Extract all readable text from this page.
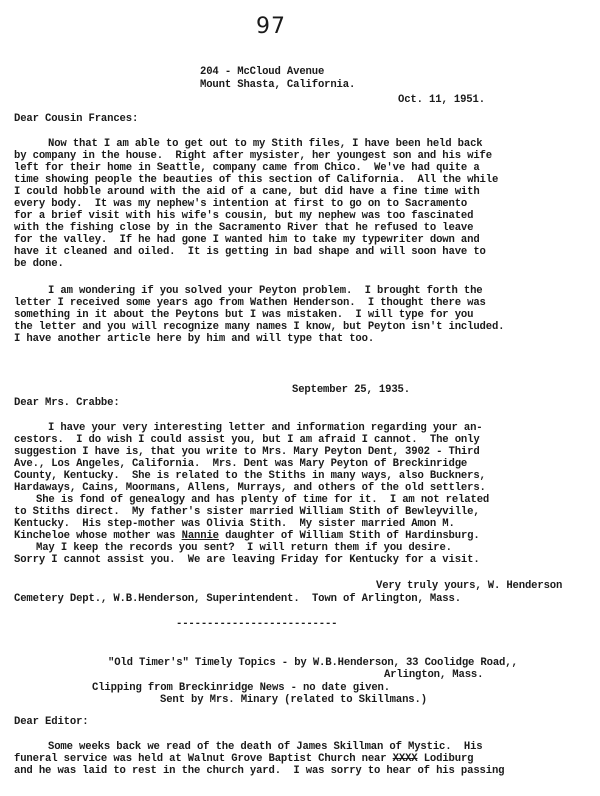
97

204 - McCloud Avenue

Mount Shasta, California.

Oct. 11, 1951.

Dear Cousin Frances:

Now that I am able to get out to my Stith files, I have been held back

by company in the house.  Right after mysister, her youngest son and his wife

left for their home in Seattle, company came from Chico.  We've had quite a

time showing people the beauties of this section of California.  All the while

I could hobble around with the aid of a cane, but did have a fine time with

every body.  It was my nephew's intention at first to go on to Sacramento

for a brief visit with his wife's cousin, but my nephew was too fascinated

with the fishing close by in the Sacramento River that he refused to leave

for the valley.  If he had gone I wanted him to take my typewriter down and

have it cleaned and oiled.  It is getting in bad shape and will soon have to

be done.

I am wondering if you solved your Peyton problem.  I brought forth the

letter I received some years ago from Wathen Henderson.  I thought there was

something in it about the Peytons but I was mistaken.  I will type for you

the letter and you will recognize many names I know, but Peyton isn't included.

I have another article here by him and will type that too.

September 25, 1935.

Dear Mrs. Crabbe:

I have your very interesting letter and information regarding your an-

cestors.  I do wish I could assist you, but I am afraid I cannot.  The only

suggestion I have is, that you write to Mrs. Mary Peyton Dent, 3902 - Third

Ave., Los Angeles, California.  Mrs. Dent was Mary Peyton of Breckinridge

County, Kentucky.  She is related to the Stiths in many ways, also Buckners,

Hardaways, Cains, Moormans, Allens, Murrays, and others of the old settlers.

She is fond of genealogy and has plenty of time for it.  I am not related

to Stiths direct.  My father's sister married William Stith of Bewleyville,

Kentucky.  His step-mother was Olivia Stith.  My sister married Amon M.

Kincheloe whose mother was Nannie daughter of William Stith of Hardinsburg.

May I keep the records you sent?  I will return them if you desire.

Sorry I cannot assist you.  We are leaving Friday for Kentucky for a visit.

Very truly yours, W. Henderson

Cemetery Dept., W.B.Henderson, Superintendent.  Town of Arlington, Mass.

--------------------------

"Old Timer's" Timely Topics - by W.B.Henderson, 33 Coolidge Road,,

Arlington, Mass.

Clipping from Breckinridge News - no date given.

Sent by Mrs. Minary (related to Skillmans.)

Dear Editor:

Some weeks back we read of the death of James Skillman of Mystic.  His

funeral service was held at Walnut Grove Baptist Church near XXXX Lodiburg

and he was laid to rest in the church yard.  I was sorry to hear of his passing
